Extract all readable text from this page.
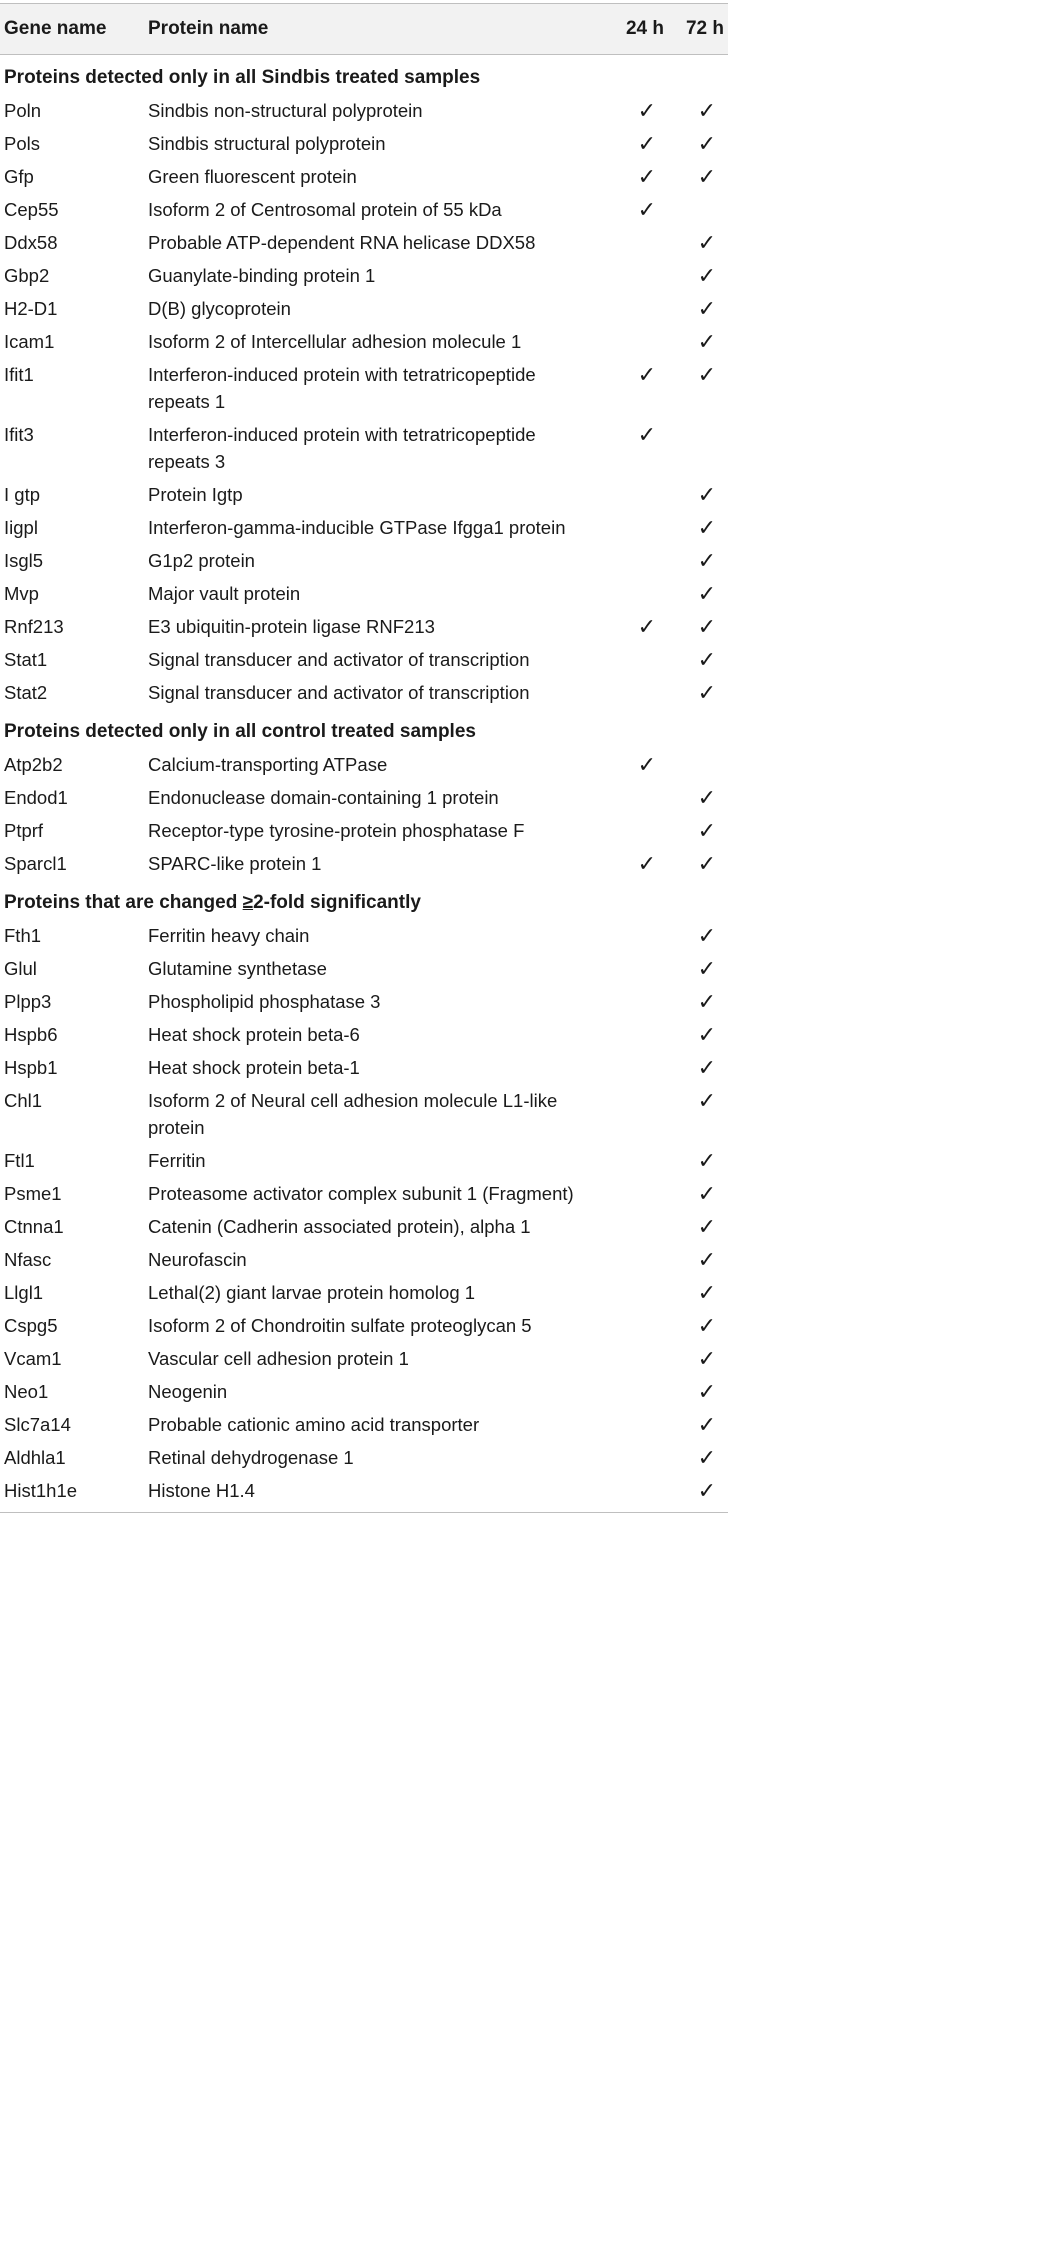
Gene name	Protein name	24 h	72 h
Proteins detected only in all Sindbis treated samples			
Poln	Sindbis non-structural polyprotein	✓	✓
Pols	Sindbis structural polyprotein	✓	✓
Gfp	Green fluorescent protein	✓	✓
Cep55	Isoform 2 of Centrosomal protein of 55 kDa	✓	
Ddx58	Probable ATP-dependent RNA helicase DDX58		✓
Gbp2	Guanylate-binding protein 1		✓
H2-D1	D(B) glycoprotein		✓
Icam1	Isoform 2 of Intercellular adhesion molecule 1		✓
Ifit1	Interferon-induced protein with tetratricopeptide repeats 1	✓	✓
Ifit3	Interferon-induced protein with tetratricopeptide repeats 3	✓	
I gtp	Protein Igtp		✓
Iigpl	Interferon-gamma-inducible GTPase Ifgga1 protein		✓
Isgl5	G1p2 protein		✓
Mvp	Major vault protein		✓
Rnf213	E3 ubiquitin-protein ligase RNF213	✓	✓
Stat1	Signal transducer and activator of transcription		✓
Stat2	Signal transducer and activator of transcription		✓
Proteins detected only in all control treated samples			
Atp2b2	Calcium-transporting ATPase	✓	
Endod1	Endonuclease domain-containing 1 protein		✓
Ptprf	Receptor-type tyrosine-protein phosphatase F		✓
Sparcl1	SPARC-like protein 1	✓	✓
Proteins that are changed ≥2-fold significantly			
Fth1	Ferritin heavy chain		✓
Glul	Glutamine synthetase		✓
Plpp3	Phospholipid phosphatase 3		✓
Hspb6	Heat shock protein beta-6		✓
Hspb1	Heat shock protein beta-1		✓
Chl1	Isoform 2 of Neural cell adhesion molecule L1-like protein		✓
Ftl1	Ferritin		✓
Psme1	Proteasome activator complex subunit 1 (Fragment)		✓
Ctnna1	Catenin (Cadherin associated protein), alpha 1		✓
Nfasc	Neurofascin		✓
Llgl1	Lethal(2) giant larvae protein homolog 1		✓
Cspg5	Isoform 2 of Chondroitin sulfate proteoglycan 5		✓
Vcam1	Vascular cell adhesion protein 1		✓
Neo1	Neogenin		✓
Slc7a14	Probable cationic amino acid transporter		✓
Aldhla1	Retinal dehydrogenase 1		✓
Hist1h1e	Histone H1.4		✓
